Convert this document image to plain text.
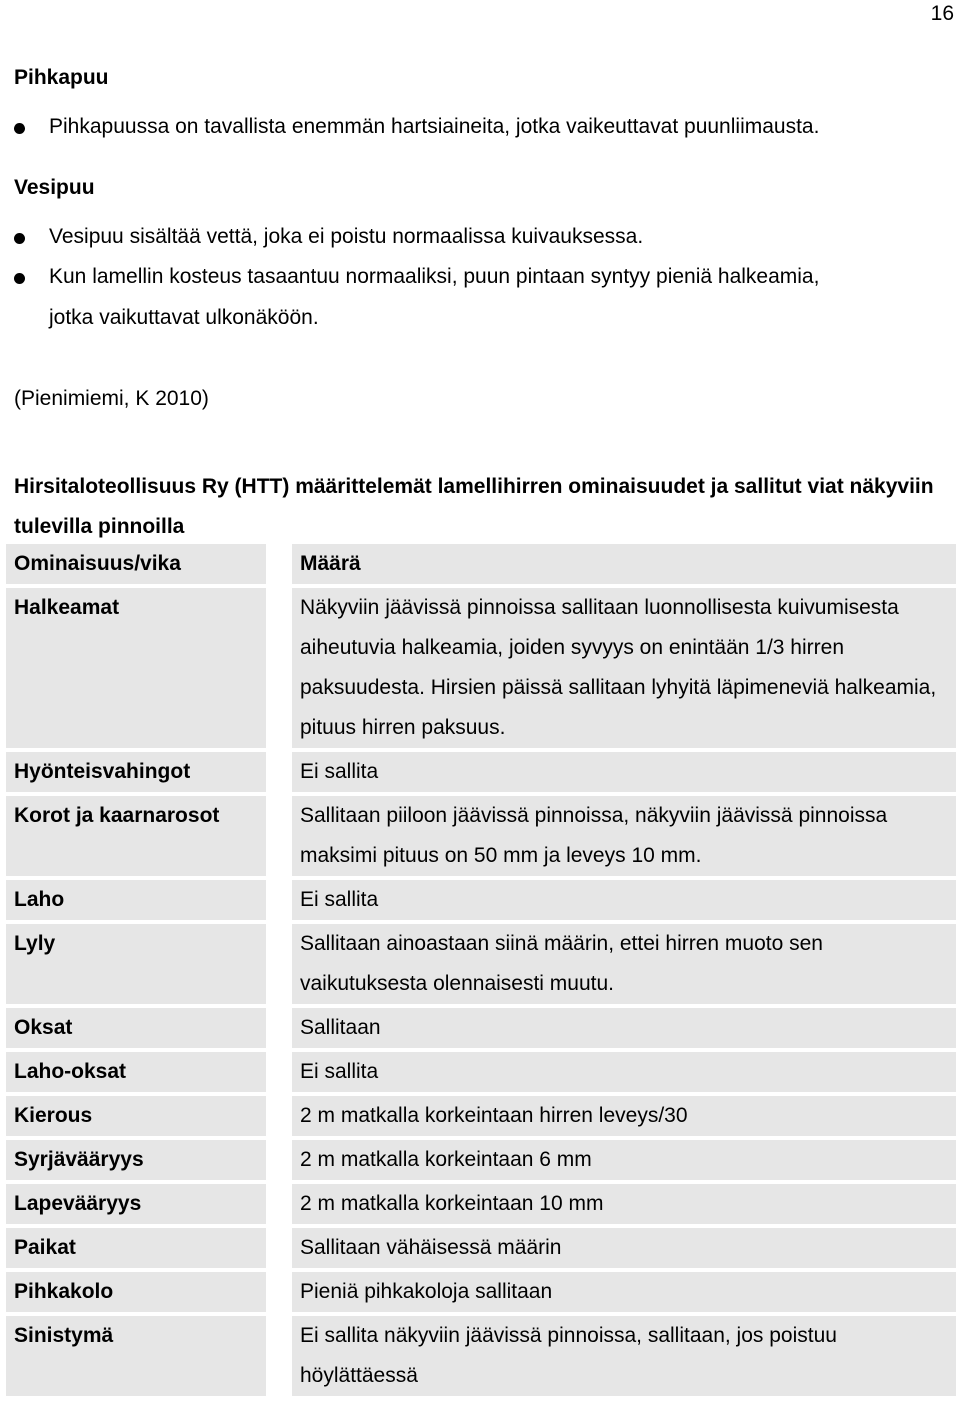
16
Pihkapuu
Pihkapuussa on tavallista enemmän hartsiaineita, jotka vaikeuttavat puunliimausta.
Vesipuu
Vesipuu sisältää vettä, joka ei poistu normaalissa kuivauksessa.
Kun lamellin kosteus tasaantuu normaaliksi, puun pintaan syntyy pieniä halkeamia,
jotka vaikuttavat ulkonäköön.
(Pienimiemi, K 2010)
Hirsitaloteollisuus Ry (HTT) määrittelemät lamellihirren ominaisuudet ja sallitut viat näkyviin tulevilla pinnoilla
Ominaisuus/vika		Määrä
Halkeamat		Näkyviin jäävissä pinnoissa sallitaan luonnollisesta kuivumisesta aiheutuvia halkeamia, joiden syvyys on enintään 1/3 hirren paksuudesta. Hirsien päissä sallitaan lyhyitä läpimeneviä halkeamia, pituus hirren paksuus.
Hyönteisvahingot		Ei sallita
Korot ja kaarnarosot		Sallitaan piiloon jäävissä pinnoissa, näkyviin jäävissä pinnoissa maksimi pituus on 50 mm ja leveys 10 mm.
Laho		Ei sallita
Lyly		Sallitaan ainoastaan siinä määrin, ettei hirren muoto sen vaikutuksesta olennaisesti muutu.
Oksat		Sallitaan
Laho-oksat		Ei sallita
Kierous		2 m matkalla korkeintaan hirren leveys/30
Syrjävääryys		2 m matkalla korkeintaan 6 mm
Lapevääryys		2 m matkalla korkeintaan 10 mm
Paikat		Sallitaan vähäisessä määrin
Pihkakolo		Pieniä pihkakoloja sallitaan
Sinistymä		Ei sallita näkyviin jäävissä pinnoissa, sallitaan, jos poistuu höylättäessä
